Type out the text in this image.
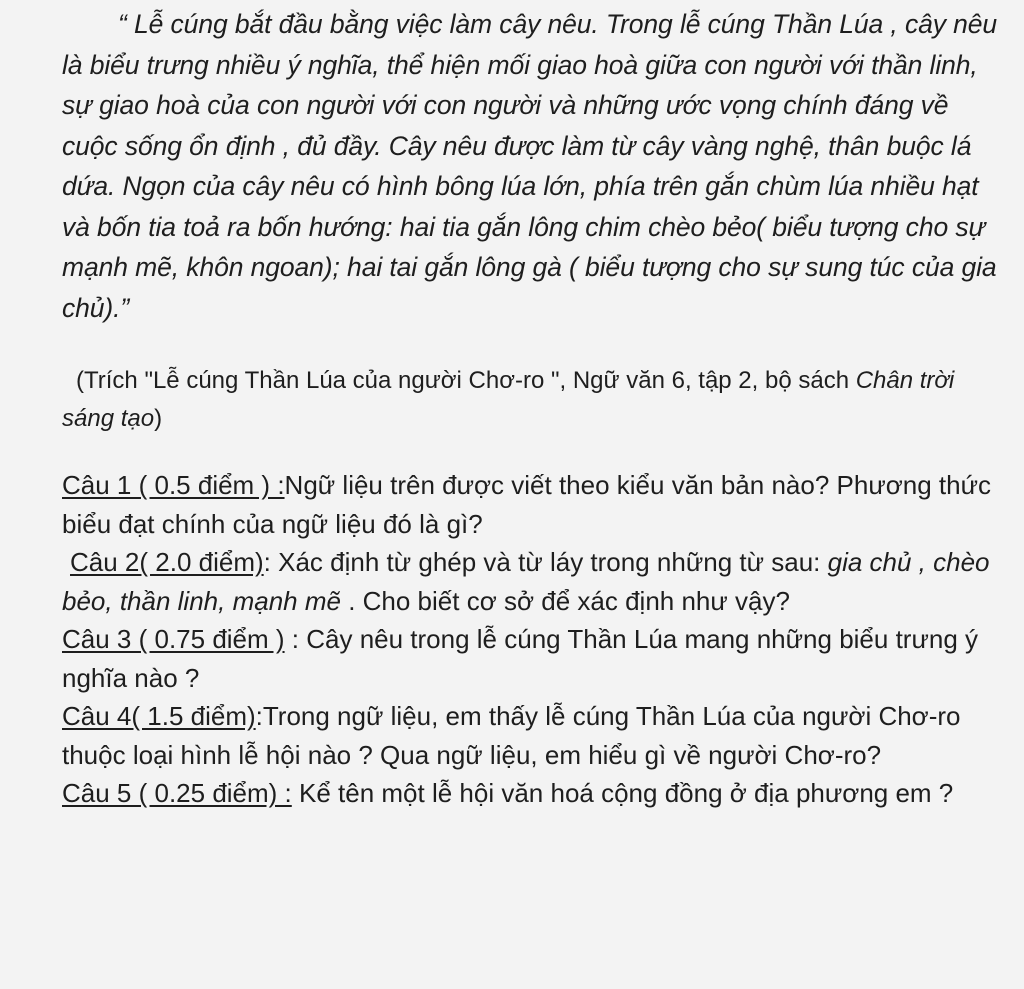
“ Lễ cúng bắt đầu bằng việc làm cây nêu. Trong lễ cúng Thần Lúa , cây nêu là biểu trưng nhiều ý nghĩa, thể hiện mối giao hoà giữa con người với thần linh, sự giao hoà của con người với con người và những ước vọng chính đáng về cuộc sống ổn định , đủ đầy. Cây nêu được làm từ cây vàng nghệ, thân buộc lá dứa. Ngọn của cây nêu có hình bông lúa lớn, phía trên gắn chùm lúa nhiều hạt và bốn tia toả ra bốn hướng: hai tia gắn lông chim chèo bẻo( biểu tượng cho sự mạnh mẽ, khôn ngoan); hai tai gắn lông gà ( biểu tượng cho sự sung túc của gia chủ).”

(Trích "Lễ cúng Thần Lúa của người Chơ-ro ", Ngữ văn 6, tập 2, bộ sách Chân trời sáng tạo)

Câu 1 ( 0.5 điểm ) :Ngữ liệu trên được viết theo kiểu văn bản nào? Phương thức biểu đạt chính của ngữ liệu đó là gì?

Câu 2( 2.0 điểm): Xác định từ ghép và từ láy trong những từ sau: gia chủ , chèo bẻo, thần linh, mạnh mẽ . Cho biết cơ sở để xác định như vậy?

Câu 3 ( 0.75 điểm ) : Cây nêu trong lễ cúng Thần Lúa mang những biểu trưng ý nghĩa nào ?

Câu 4( 1.5 điểm):Trong ngữ liệu, em thấy lễ cúng Thần Lúa của người Chơ-ro thuộc loại hình lễ hội nào ? Qua ngữ liệu, em hiểu gì về người Chơ-ro?

Câu 5 ( 0.25 điểm) : Kể tên một lễ hội văn hoá cộng đồng ở địa phương em ?
